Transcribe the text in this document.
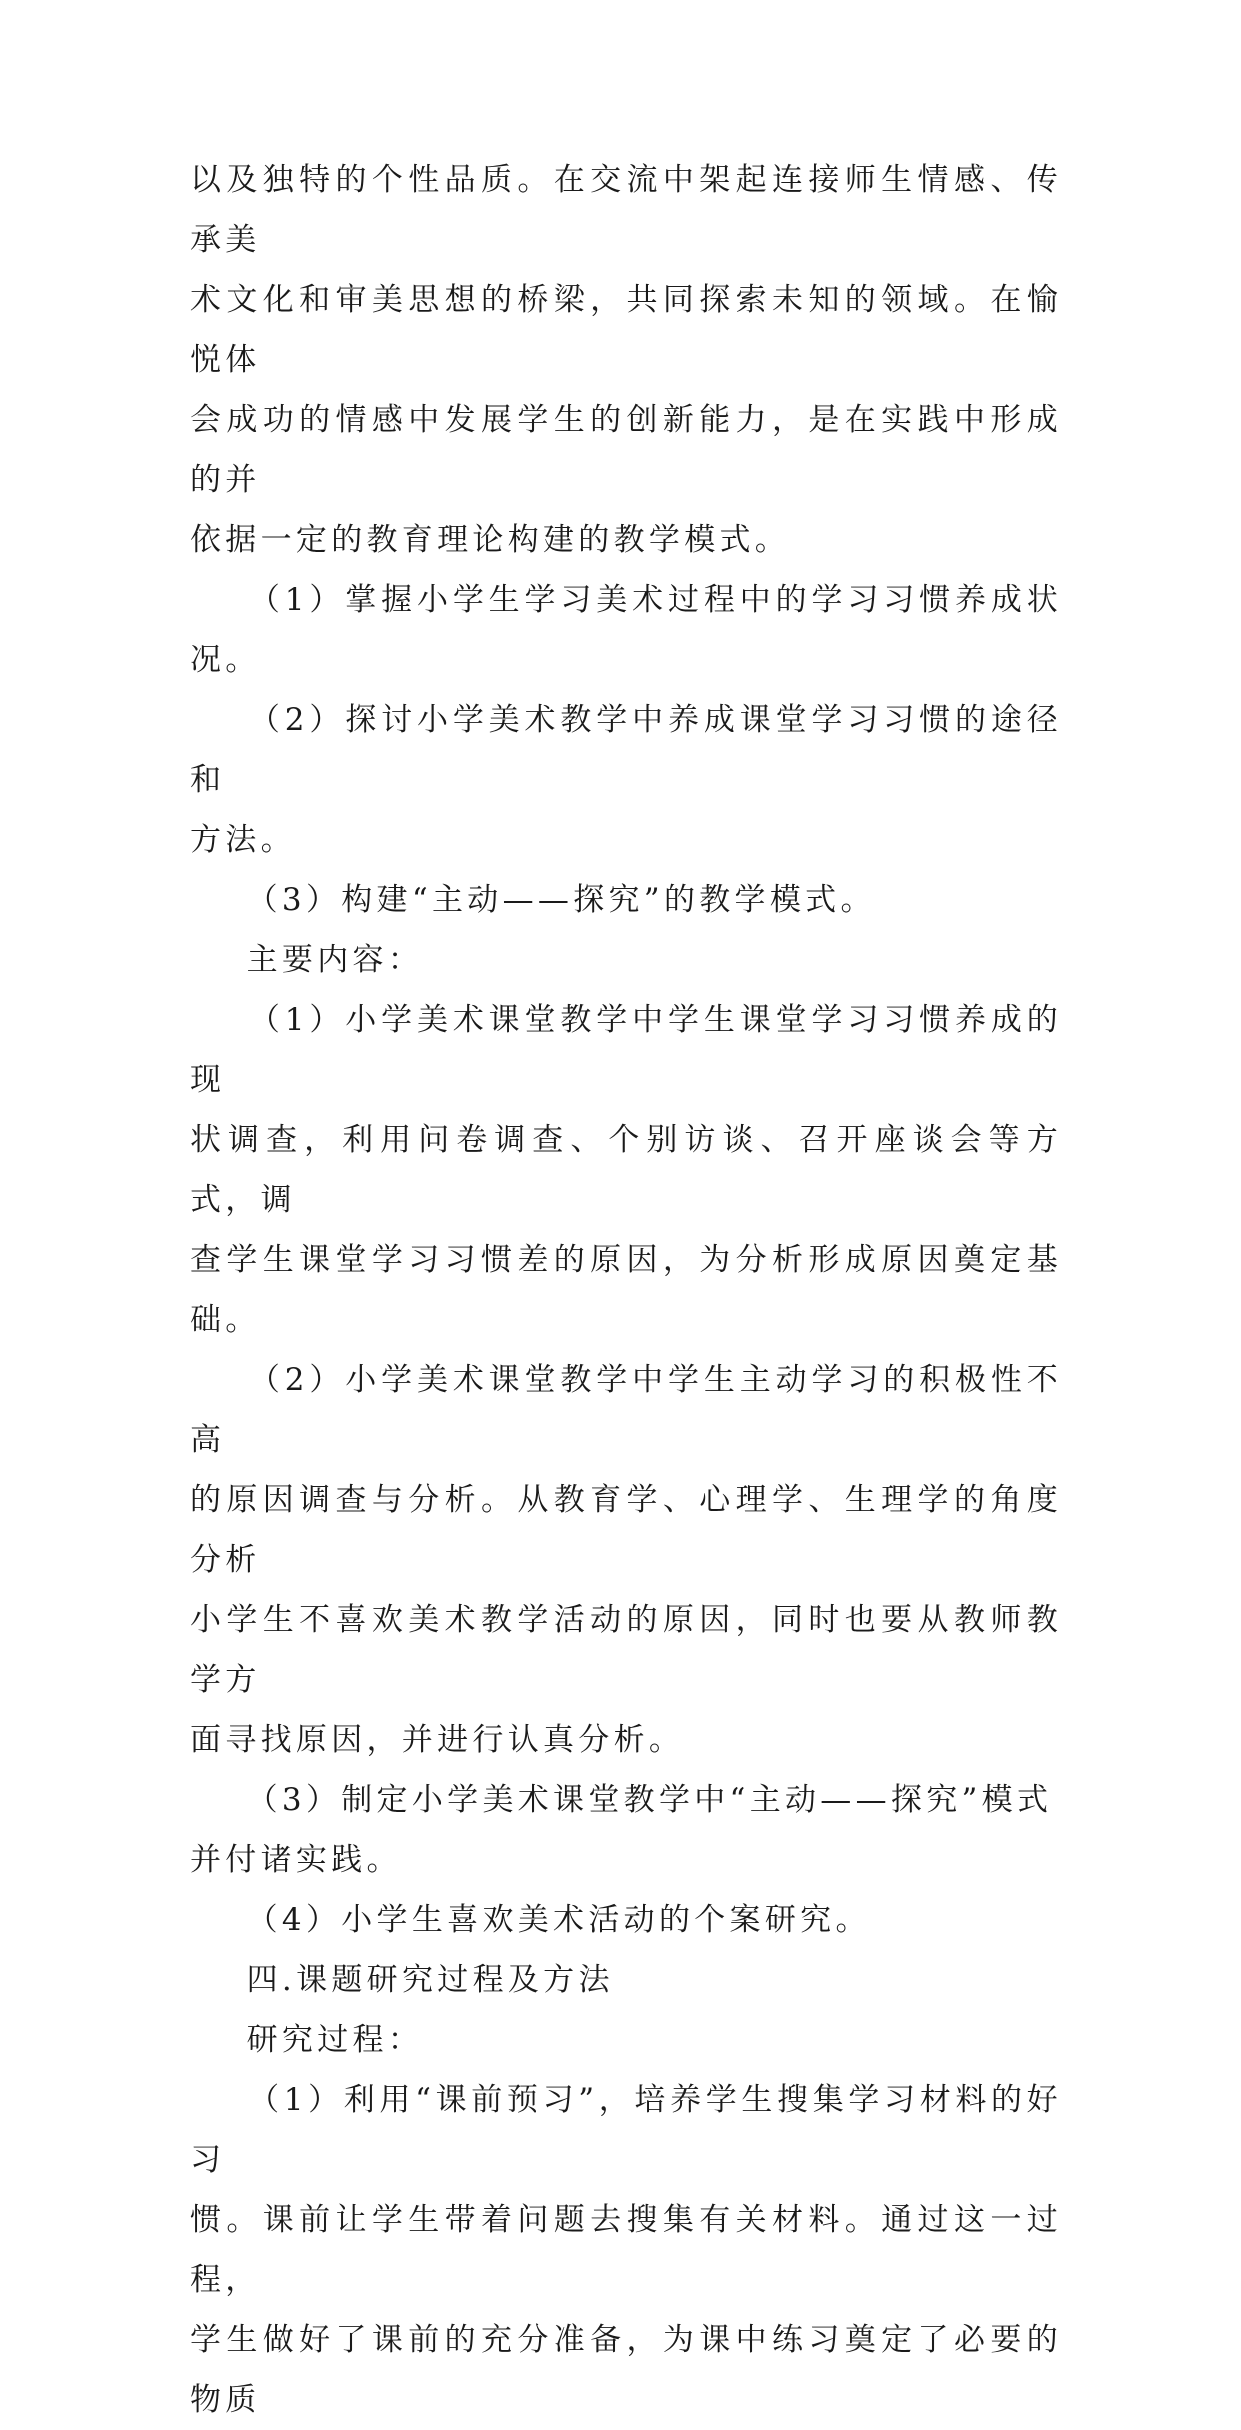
以及独特的个性品质。在交流中架起连接师生情感、传承美
术文化和审美思想的桥梁，共同探索未知的领域。在愉悦体
会成功的情感中发展学生的创新能力，是在实践中形成的并
依据一定的教育理论构建的教学模式。

（1）掌握小学生学习美术过程中的学习习惯养成状况。

（2）探讨小学美术教学中养成课堂学习习惯的途径和
方法。

（3）构建“主动——探究”的教学模式。

主要内容：

（1）小学美术课堂教学中学生课堂学习习惯养成的现
状调查，利用问卷调查、个别访谈、召开座谈会等方式，调
查学生课堂学习习惯差的原因，为分析形成原因奠定基础。

（2）小学美术课堂教学中学生主动学习的积极性不高
的原因调查与分析。从教育学、心理学、生理学的角度分析
小学生不喜欢美术教学活动的原因，同时也要从教师教学方
面寻找原因，并进行认真分析。

（3）制定小学美术课堂教学中“主动——探究”模式
并付诸实践。

（4）小学生喜欢美术活动的个案研究。

四.课题研究过程及方法

研究过程：

（1）利用“课前预习”，培养学生搜集学习材料的好习
惯。课前让学生带着问题去搜集有关材料。通过这一过程，
学生做好了课前的充分准备，为课中练习奠定了必要的物质
